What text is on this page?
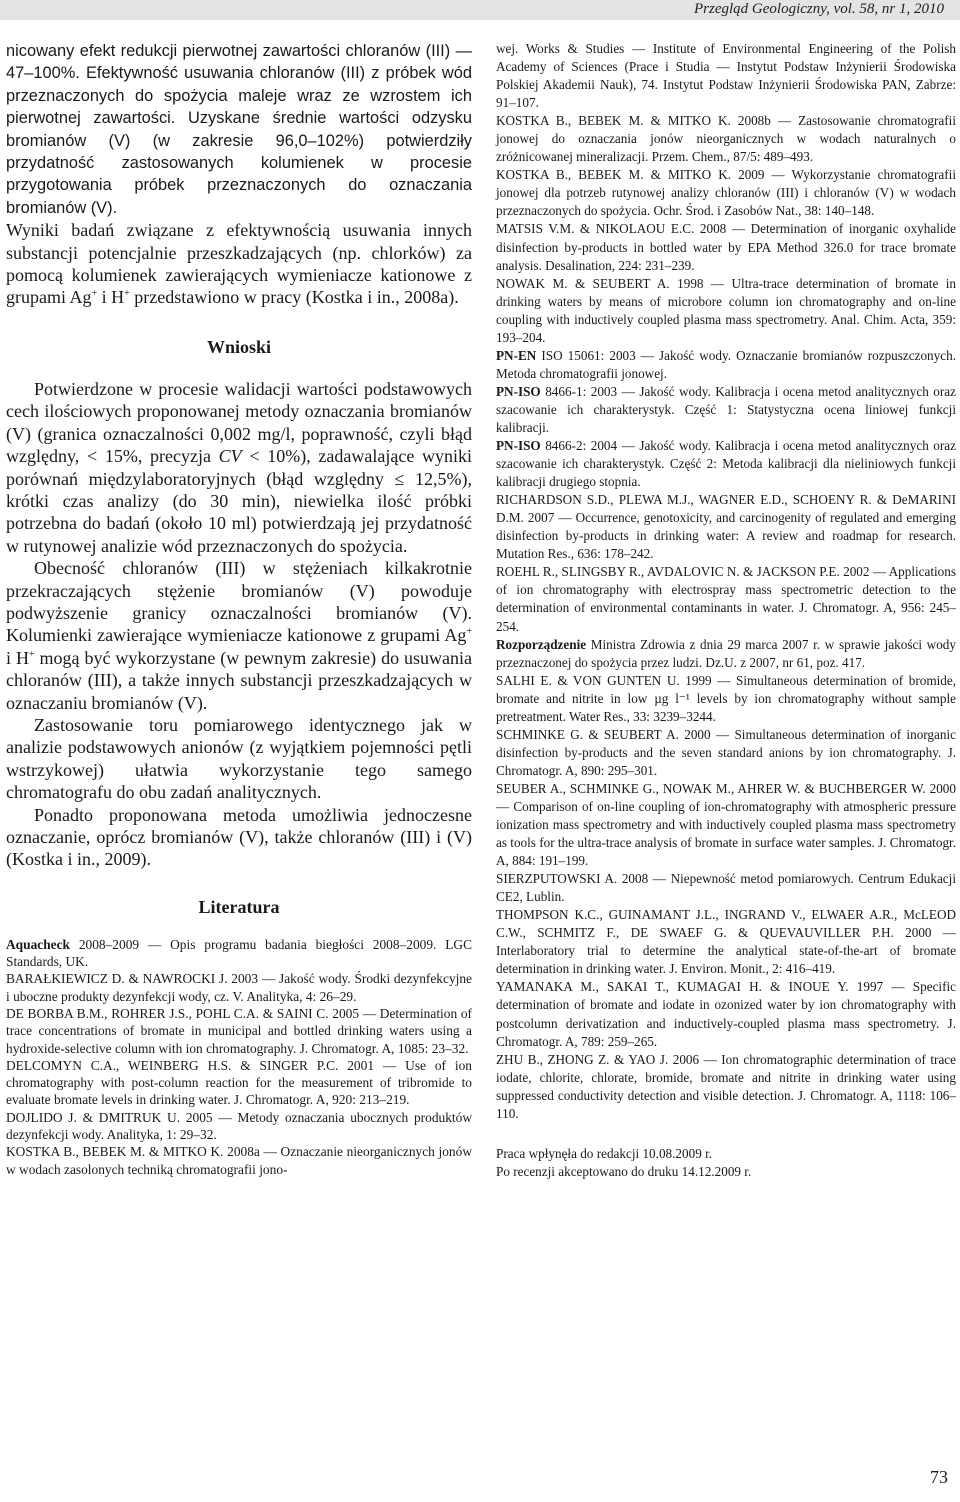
Przegląd Geologiczny, vol. 58, nr 1, 2010

nicowany efekt redukcji pierwotnej zawartości chloranów (III) — 47–100%. Efektywność usuwania chloranów (III) z próbek wód przeznaczonych do spożycia maleje wraz ze wzrostem ich pierwotnej zawartości. Uzyskane średnie wartości odzysku bromianów (V) (w zakresie 96,0–102%) potwierdziły przydatność zastosowanych kolumienek w procesie przygotowania próbek przeznaczonych do oznaczania bromianów (V).

Wyniki badań związane z efektywnością usuwania innych substancji potencjalnie przeszkadzających (np. chlorków) za pomocą kolumienek zawierających wymieniacze kationowe z grupami Ag+ i H+ przedstawiono w pracy (Kostka i in., 2008a).

Wnioski

Potwierdzone w procesie walidacji wartości podstawowych cech ilościowych proponowanej metody oznaczania bromianów (V) (granica oznaczalności 0,002 mg/l, poprawność, czyli błąd względny, < 15%, precyzja CV < 10%), zadawalające wyniki porównań międzylaboratoryjnych (błąd względny ≤ 12,5%), krótki czas analizy (do 30 min), niewielka ilość próbki potrzebna do badań (około 10 ml) potwierdzają jej przydatność w rutynowej analizie wód przeznaczonych do spożycia.

Obecność chloranów (III) w stężeniach kilkakrotnie przekraczających stężenie bromianów (V) powoduje podwyższenie granicy oznaczalności bromianów (V). Kolumienki zawierające wymieniacze kationowe z grupami Ag+ i H+ mogą być wykorzystane (w pewnym zakresie) do usuwania chloranów (III), a także innych substancji przeszkadzających w oznaczaniu bromianów (V).

Zastosowanie toru pomiarowego identycznego jak w analizie podstawowych anionów (z wyjątkiem pojemności pętli wstrzykowej) ułatwia wykorzystanie tego samego chromatografu do obu zadań analitycznych.

Ponadto proponowana metoda umożliwia jednoczesne oznaczanie, oprócz bromianów (V), także chloranów (III) i (V) (Kostka i in., 2009).

Literatura

Aquacheck 2008–2009 — Opis programu badania biegłości 2008–2009. LGC Standards, UK.

BARAŁKIEWICZ D. & NAWROCKI J. 2003 — Jakość wody. Środki dezynfekcyjne i uboczne produkty dezynfekcji wody, cz. V. Analityka, 4: 26–29.

DE BORBA B.M., ROHRER J.S., POHL C.A. & SAINI C. 2005 — Determination of trace concentrations of bromate in municipal and bottled drinking waters using a hydroxide-selective column with ion chromatography. J. Chromatogr. A, 1085: 23–32.

DELCOMYN C.A., WEINBERG H.S. & SINGER P.C. 2001 — Use of ion chromatography with post-column reaction for the measurement of tribromide to evaluate bromate levels in drinking water. J. Chromatogr. A, 920: 213–219.

DOJLIDO J. & DMITRUK U. 2005 — Metody oznaczania ubocznych produktów dezynfekcji wody. Analityka, 1: 29–32.

KOSTKA B., BEBEK M. & MITKO K. 2008a — Oznaczanie nieorganicznych jonów w wodach zasolonych techniką chromatografii jono-

wej. Works & Studies — Institute of Environmental Engineering of the Polish Academy of Sciences (Prace i Studia — Instytut Podstaw Inżynierii Środowiska Polskiej Akademii Nauk), 74. Instytut Podstaw Inżynierii Środowiska PAN, Zabrze: 91–107.

KOSTKA B., BEBEK M. & MITKO K. 2008b — Zastosowanie chromatografii jonowej do oznaczania jonów nieorganicznych w wodach naturalnych o zróżnicowanej mineralizacji. Przem. Chem., 87/5: 489–493.

KOSTKA B., BEBEK M. & MITKO K. 2009 — Wykorzystanie chromatografii jonowej dla potrzeb rutynowej analizy chloranów (III) i chloranów (V) w wodach przeznaczonych do spożycia. Ochr. Środ. i Zasobów Nat., 38: 140–148.

MATSIS V.M. & NIKOLAOU E.C. 2008 — Determination of inorganic oxyhalide disinfection by-products in bottled water by EPA Method 326.0 for trace bromate analysis. Desalination, 224: 231–239.

NOWAK M. & SEUBERT A. 1998 — Ultra-trace determination of bromate in drinking waters by means of microbore column ion chromatography and on-line coupling with inductively coupled plasma mass spectrometry. Anal. Chim. Acta, 359: 193–204.

PN-EN ISO 15061: 2003 — Jakość wody. Oznaczanie bromianów rozpuszczonych. Metoda chromatografii jonowej.

PN-ISO 8466-1: 2003 — Jakość wody. Kalibracja i ocena metod analitycznych oraz szacowanie ich charakterystyk. Część 1: Statystyczna ocena liniowej funkcji kalibracji.

PN-ISO 8466-2: 2004 — Jakość wody. Kalibracja i ocena metod analitycznych oraz szacowanie ich charakterystyk. Część 2: Metoda kalibracji dla nieliniowych funkcji kalibracji drugiego stopnia.

RICHARDSON S.D., PLEWA M.J., WAGNER E.D., SCHOENY R. & DeMARINI D.M. 2007 — Occurrence, genotoxicity, and carcinogenity of regulated and emerging disinfection by-products in drinking water: A review and roadmap for research. Mutation Res., 636: 178–242.

ROEHL R., SLINGSBY R., AVDALOVIC N. & JACKSON P.E. 2002 — Applications of ion chromatography with electrospray mass spectrometric detection to the determination of environmental contaminants in water. J. Chromatogr. A, 956: 245–254.

Rozporządzenie Ministra Zdrowia z dnia 29 marca 2007 r. w sprawie jakości wody przeznaczonej do spożycia przez ludzi. Dz.U. z 2007, nr 61, poz. 417.

SALHI E. & VON GUNTEN U. 1999 — Simultaneous determination of bromide, bromate and nitrite in low µg l⁻¹ levels by ion chromatography without sample pretreatment. Water Res., 33: 3239–3244.

SCHMINKE G. & SEUBERT A. 2000 — Simultaneous determination of inorganic disinfection by-products and the seven standard anions by ion chromatography. J. Chromatogr. A, 890: 295–301.

SEUBER A., SCHMINKE G., NOWAK M., AHRER W. & BUCHBERGER W. 2000 — Comparison of on-line coupling of ion-chromatography with atmospheric pressure ionization mass spectrometry and with inductively coupled plasma mass spectrometry as tools for the ultra-trace analysis of bromate in surface water samples. J. Chromatogr. A, 884: 191–199.

SIERZPUTOWSKI A. 2008 — Niepewność metod pomiarowych. Centrum Edukacji CE2, Lublin.

THOMPSON K.C., GUINAMANT J.L., INGRAND V., ELWAER A.R., McLEOD C.W., SCHMITZ F., DE SWAEF G. & QUEVAUVILLER P.H. 2000 — Interlaboratory trial to determine the analytical state-of-the-art of bromate determination in drinking water. J. Environ. Monit., 2: 416–419.

YAMANAKA M., SAKAI T., KUMAGAI H. & INOUE Y. 1997 — Specific determination of bromate and iodate in ozonized water by ion chromatography with postcolumn derivatization and inductively-coupled plasma mass spectrometry. J. Chromatogr. A, 789: 259–265.

ZHU B., ZHONG Z. & YAO J. 2006 — Ion chromatographic determination of trace iodate, chlorite, chlorate, bromide, bromate and nitrite in drinking water using suppressed conductivity detection and visible detection. J. Chromatogr. A, 1118: 106–110.

Praca wpłynęła do redakcji 10.08.2009 r.
Po recenzji akceptowano do druku 14.12.2009 r.

73
